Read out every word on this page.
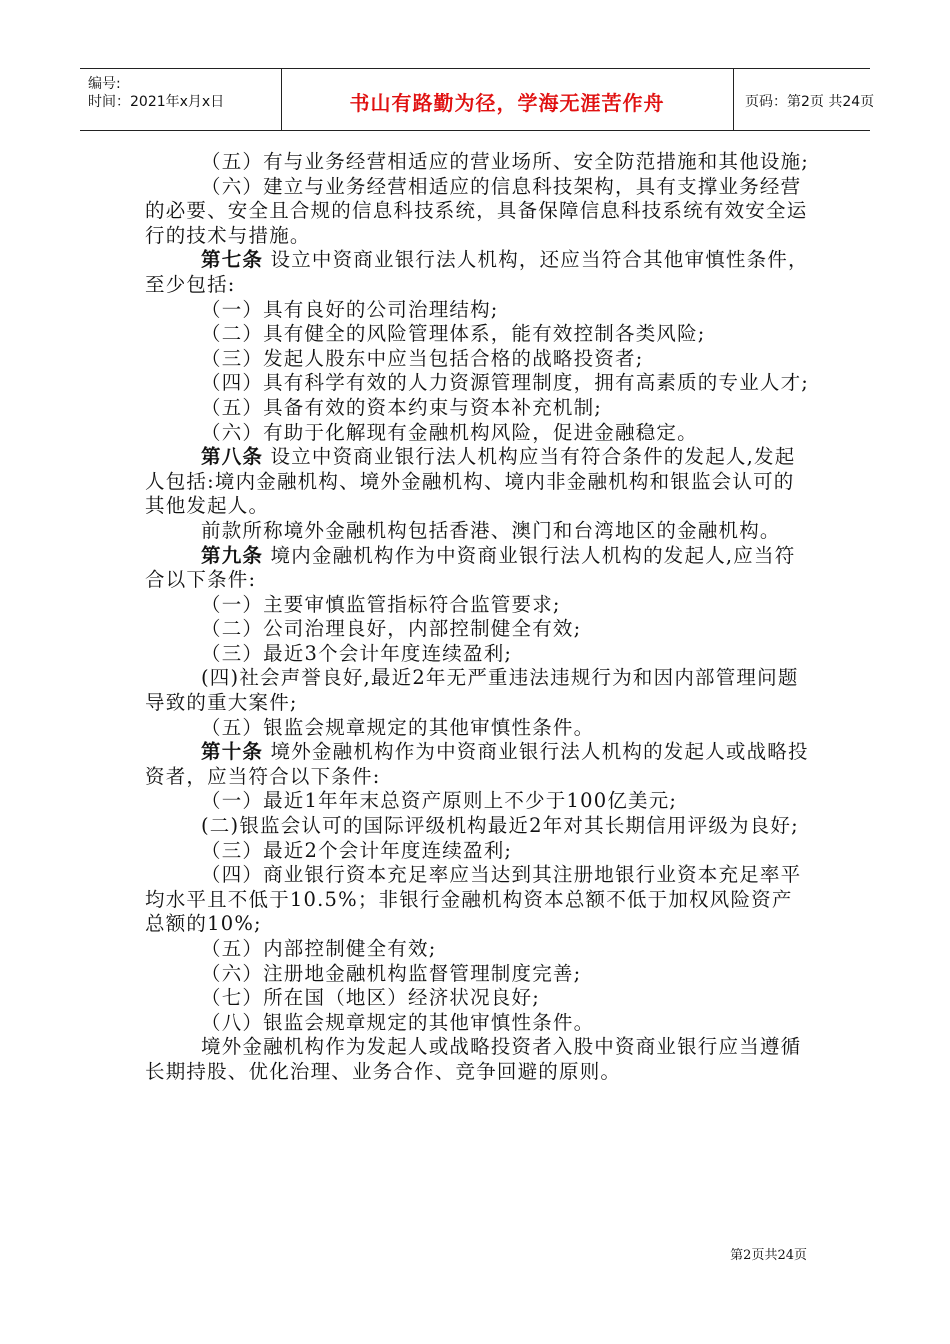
编号:
时间：2021年x月x日	书山有路勤为径，学海无涯苦作舟	页码：第2页 共24页

（五）有与业务经营相适应的营业场所、安全防范措施和其他设施;

（六）建立与业务经营相适应的信息科技架构，具有支撑业务经营的必要、安全且合规的信息科技系统，具备保障信息科技系统有效安全运行的技术与措施。

第七条 设立中资商业银行法人机构，还应当符合其他审慎性条件，至少包括:

（一）具有良好的公司治理结构;

（二）具有健全的风险管理体系，能有效控制各类风险;

（三）发起人股东中应当包括合格的战略投资者;

（四）具有科学有效的人力资源管理制度，拥有高素质的专业人才;

（五）具备有效的资本约束与资本补充机制;

（六）有助于化解现有金融机构风险，促进金融稳定。

第八条 设立中资商业银行法人机构应当有符合条件的发起人,发起人包括:境内金融机构、境外金融机构、境内非金融机构和银监会认可的其他发起人。

前款所称境外金融机构包括香港、澳门和台湾地区的金融机构。

第九条 境内金融机构作为中资商业银行法人机构的发起人,应当符合以下条件:

（一）主要审慎监管指标符合监管要求;

（二）公司治理良好，内部控制健全有效;

（三）最近3个会计年度连续盈利;

(四)社会声誉良好,最近2年无严重违法违规行为和因内部管理问题导致的重大案件;

（五）银监会规章规定的其他审慎性条件。

第十条 境外金融机构作为中资商业银行法人机构的发起人或战略投资者，应当符合以下条件:

（一）最近1年年末总资产原则上不少于100亿美元;

(二)银监会认可的国际评级机构最近2年对其长期信用评级为良好;

（三）最近2个会计年度连续盈利;

（四）商业银行资本充足率应当达到其注册地银行业资本充足率平均水平且不低于10.5%；非银行金融机构资本总额不低于加权风险资产总额的10%;

（五）内部控制健全有效;

（六）注册地金融机构监督管理制度完善;

（七）所在国（地区）经济状况良好;

（八）银监会规章规定的其他审慎性条件。

境外金融机构作为发起人或战略投资者入股中资商业银行应当遵循长期持股、优化治理、业务合作、竞争回避的原则。

第2页共24页
